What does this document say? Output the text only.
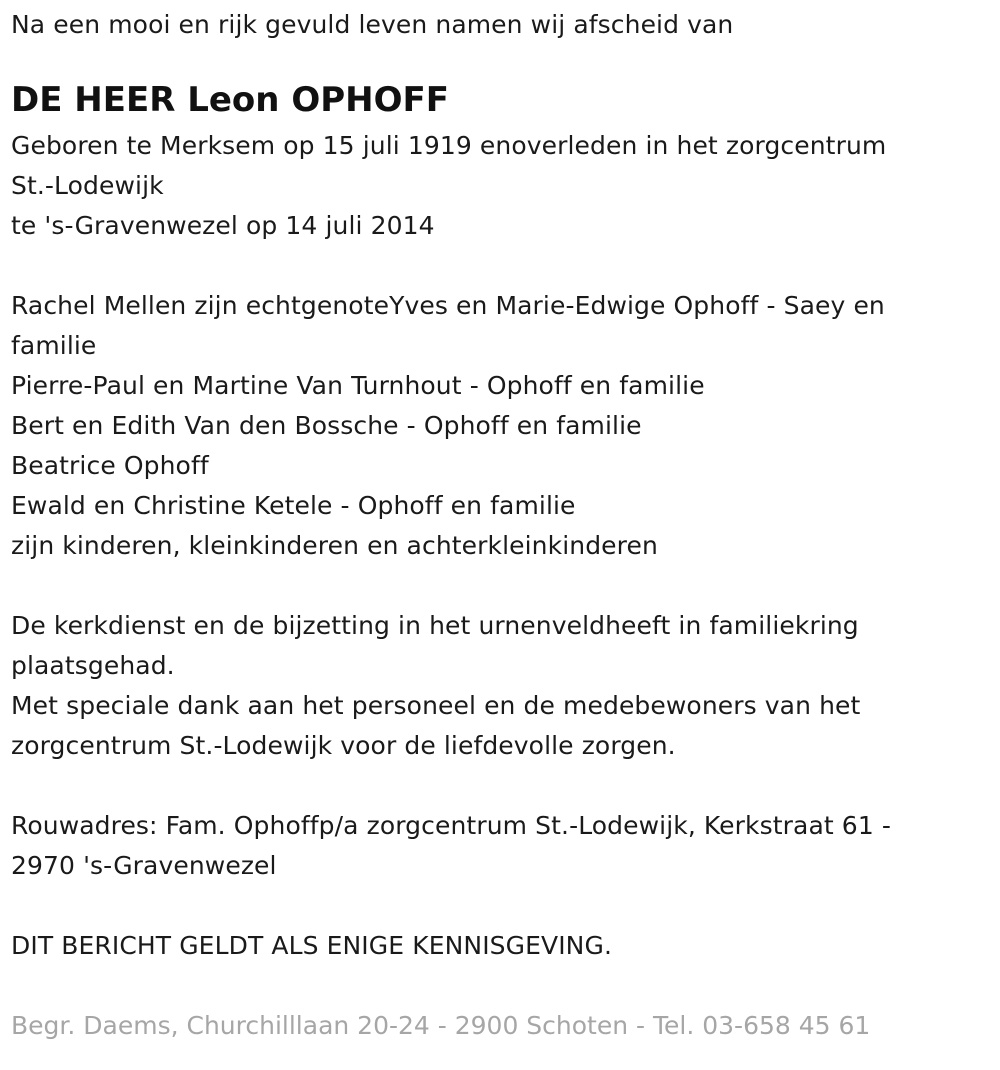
Na een mooi en rijk gevuld leven namen wij afscheid van
DE HEER Leon OPHOFF
Geboren te Merksem op 15 juli 1919 enoverleden in het zorgcentrum
St.-Lodewijk
te 's-Gravenwezel op 14 juli 2014
Rachel Mellen zijn echtgenoteYves en Marie-Edwige Ophoff - Saey en
familie
Pierre-Paul en Martine Van Turnhout - Ophoff en familie
Bert en Edith Van den Bossche - Ophoff en familie
Beatrice Ophoff
Ewald en Christine Ketele - Ophoff en familie
zijn kinderen, kleinkinderen en achterkleinkinderen
De kerkdienst en de bijzetting in het urnenveldheeft in familiekring
plaatsgehad.
Met speciale dank aan het personeel en de medebewoners van het
zorgcentrum St.-Lodewijk voor de liefdevolle zorgen.
Rouwadres: Fam. Ophoffp/a zorgcentrum St.-Lodewijk, Kerkstraat 61 -
2970 's-Gravenwezel
DIT BERICHT GELDT ALS ENIGE KENNISGEVING.
Begr. Daems, Churchilllaan 20-24 - 2900 Schoten - Tel. 03-658 45 61
